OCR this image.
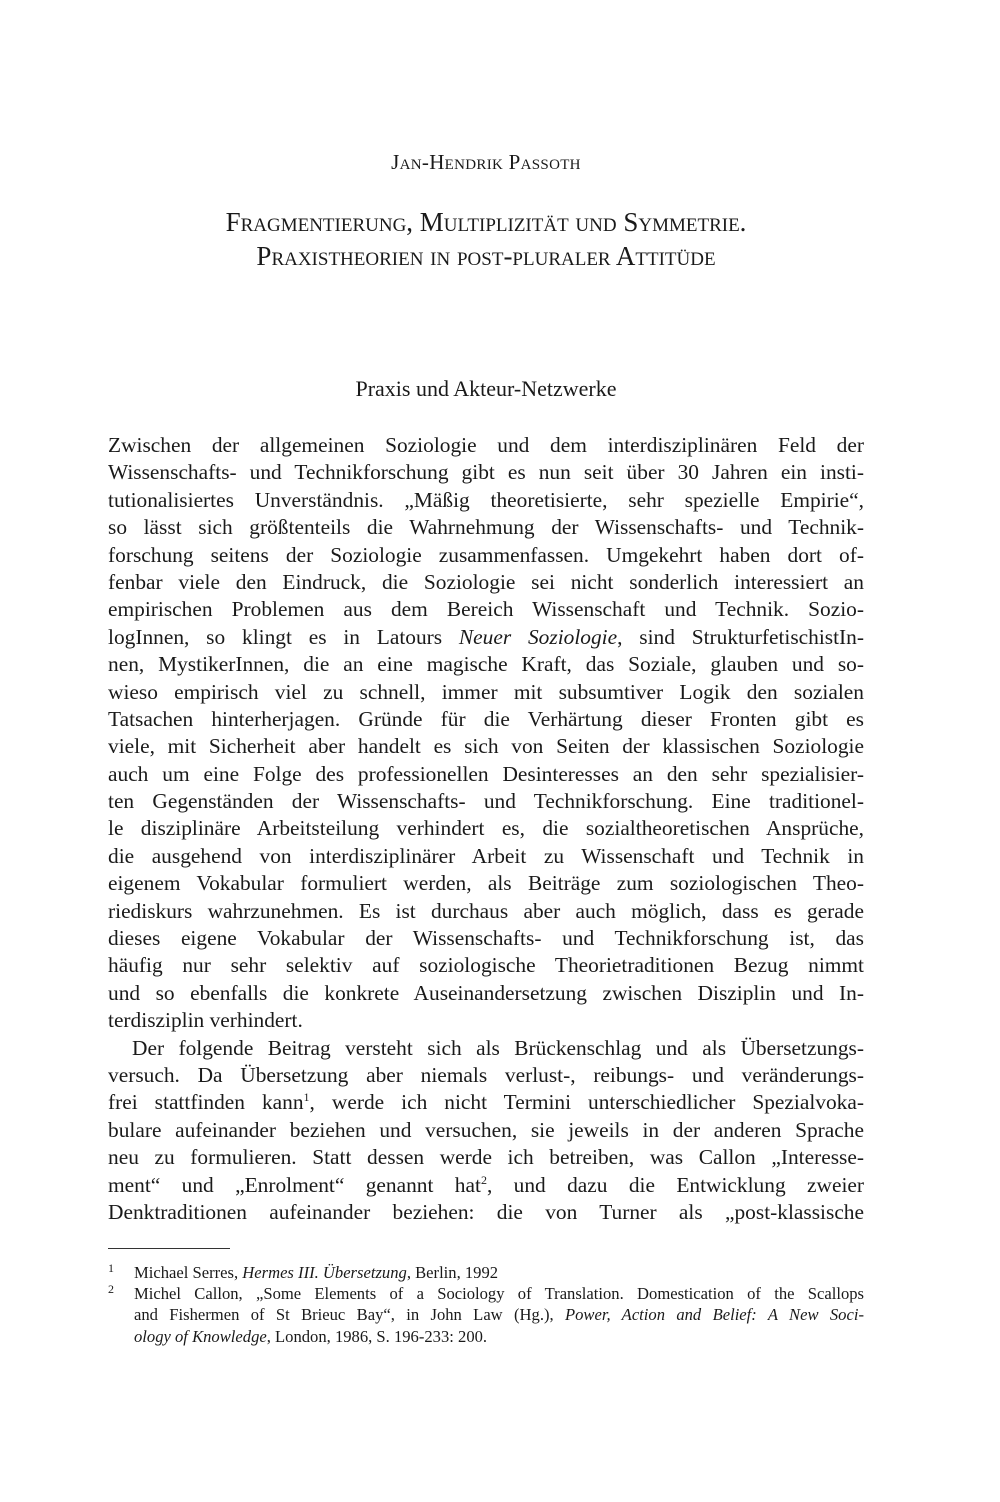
Jan-Hendrik Passoth
Fragmentierung, Multiplizität und Symmetrie.
Praxistheorien in post-pluraler Attitüde
Praxis und Akteur-Netzwerke
Zwischen der allgemeinen Soziologie und dem interdisziplinären Feld der
Wissenschafts- und Technikforschung gibt es nun seit über 30 Jahren ein insti-
tutionalisiertes Unverständnis. „Mäßig theoretisierte, sehr spezielle Empirie“,
so lässt sich größtenteils die Wahrnehmung der Wissenschafts- und Technik-
forschung seitens der Soziologie zusammenfassen. Umgekehrt haben dort of-
fenbar viele den Eindruck, die Soziologie sei nicht sonderlich interessiert an
empirischen Problemen aus dem Bereich Wissenschaft und Technik. Sozio-
logInnen, so klingt es in Latours Neuer Soziologie, sind StrukturfetischistIn-
nen, MystikerInnen, die an eine magische Kraft, das Soziale, glauben und so-
wieso empirisch viel zu schnell, immer mit subsumtiver Logik den sozialen
Tatsachen hinterherjagen. Gründe für die Verhärtung dieser Fronten gibt es
viele, mit Sicherheit aber handelt es sich von Seiten der klassischen Soziologie
auch um eine Folge des professionellen Desinteresses an den sehr spezialisier-
ten Gegenständen der Wissenschafts- und Technikforschung. Eine traditionel-
le disziplinäre Arbeitsteilung verhindert es, die sozialtheoretischen Ansprüche,
die ausgehend von interdisziplinärer Arbeit zu Wissenschaft und Technik in
eigenem Vokabular formuliert werden, als Beiträge zum soziologischen Theo-
riediskurs wahrzunehmen. Es ist durchaus aber auch möglich, dass es gerade
dieses eigene Vokabular der Wissenschafts- und Technikforschung ist, das
häufig nur sehr selektiv auf soziologische Theorietraditionen Bezug nimmt
und so ebenfalls die konkrete Auseinandersetzung zwischen Disziplin und In-
terdisziplin verhindert.
Der folgende Beitrag versteht sich als Brückenschlag und als Übersetzungs-
versuch. Da Übersetzung aber niemals verlust-, reibungs- und veränderungs-
frei stattfinden kann$^1$, werde ich nicht Termini unterschiedlicher Spezialvoka-
bulare aufeinander beziehen und versuchen, sie jeweils in der anderen Sprache
neu zu formulieren. Statt dessen werde ich betreiben, was Callon „Interesse-
ment“ und „Enrolment“ genannt hat$^2$, und dazu die Entwicklung zweier
Denktraditionen aufeinander beziehen: die von Turner als „post-klassische
1 Michael Serres, Hermes III. Übersetzung, Berlin, 1992
2 Michel Callon, „Some Elements of a Sociology of Translation. Domestication of the Scallops
and Fishermen of St Brieuc Bay“, in John Law (Hg.), Power, Action and Belief: A New Soci-
ology of Knowledge, London, 1986, S. 196-233: 200.
